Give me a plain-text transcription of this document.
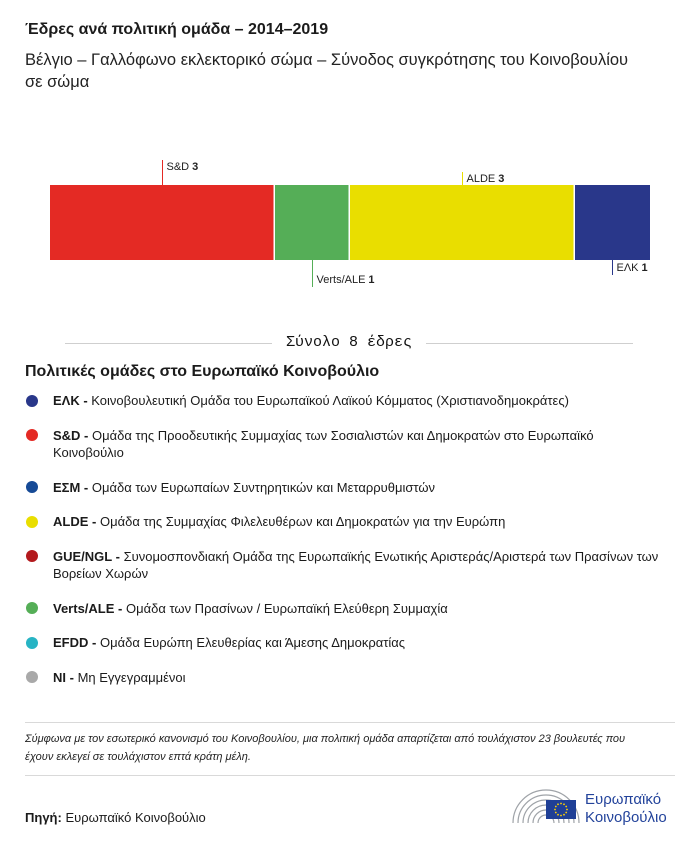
Έδρες ανά πολιτική ομάδα – 2014–2019
Βέλγιο – Γαλλόφωνο εκλεκτορικό σώμα – Σύνοδος συγκρότησης του Κοινοβουλίου
σε σώμα
S&D 3
Verts/ALE 1
ALDE 3
ΕΛΚ 1
Σύνολο 8 έδρες
Πολιτικές ομάδες στο Ευρωπαϊκό Κοινοβούλιο
ΕΛΚ - Κοινοβουλευτική Ομάδα του Ευρωπαϊκού Λαϊκού Κόμματος (Χριστιανοδημοκράτες)
S&D - Ομάδα της Προοδευτικής Συμμαχίας των Σοσιαλιστών και Δημοκρατών στο Ευρωπαϊκό Κοινοβούλιο
ΕΣΜ - Ομάδα των Ευρωπαίων Συντηρητικών και Μεταρρυθμιστών
ALDE - Ομάδα της Συμμαχίας Φιλελευθέρων και Δημοκρατών για την Ευρώπη
GUE/NGL - Συνομοσπονδιακή Ομάδα της Ευρωπαϊκής Ενωτικής Αριστεράς/Αριστερά των Πρασίνων των Βορείων Χωρών
Verts/ALE - Ομάδα των Πρασίνων / Ευρωπαϊκή Ελεύθερη Συμμαχία
EFDD - Ομάδα Ευρώπη Ελευθερίας και Άμεσης Δημοκρατίας
NI - Μη Εγγεγραμμένοι
Σύμφωνα με τον εσωτερικό κανονισμό του Κοινοβουλίου, μια πολιτική ομάδα απαρτίζεται από τουλάχιστον 23 βουλευτές που έχουν εκλεγεί σε τουλάχιστον επτά κράτη μέλη.
Πηγή: Ευρωπαϊκό Κοινοβούλιο
Ευρωπαϊκό
Κοινοβούλιο
